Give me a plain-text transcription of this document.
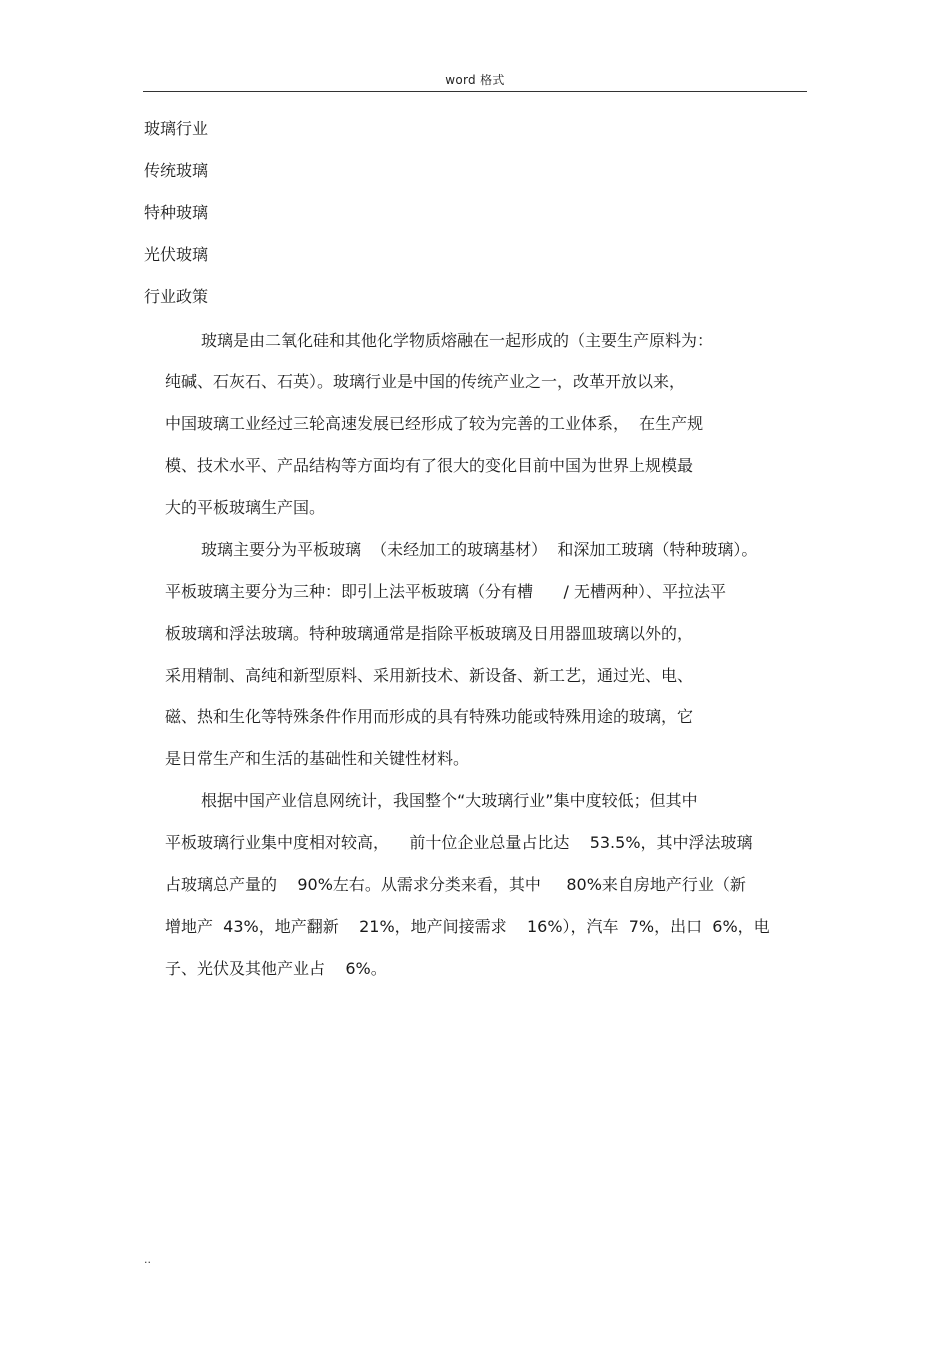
word 格式
玻璃行业
传统玻璃
特种玻璃
光伏玻璃
行业政策
玻璃是由二氧化硅和其他化学物质熔融在一起形成的（主要生产原料为：
纯碱、石灰石、石英）。玻璃行业是中国的传统产业之一，改革开放以来，
中国玻璃工业经过三轮高速发展已经形成了较为完善的工业体系，  在生产规
模、技术水平、产品结构等方面均有了很大的变化目前中国为世界上规模最
大的平板玻璃生产国。
玻璃主要分为平板玻璃  （未经加工的玻璃基材）  和深加工玻璃（特种玻璃）。
平板玻璃主要分为三种：即引上法平板玻璃（分有槽      / 无槽两种）、平拉法平
板玻璃和浮法玻璃。特种玻璃通常是指除平板玻璃及日用器皿玻璃以外的，
采用精制、高纯和新型原料、采用新技术、新设备、新工艺，通过光、电、
磁、热和生化等特殊条件作用而形成的具有特殊功能或特殊用途的玻璃，它
是日常生产和生活的基础性和关键性材料。
根据中国产业信息网统计，我国整个“大玻璃行业”集中度较低；但其中
平板玻璃行业集中度相对较高，    前十位企业总量占比达    53.5%，其中浮法玻璃
占玻璃总产量的    90%左右。从需求分类来看，其中     80%来自房地产行业（新
增地产  43%，地产翻新    21%，地产间接需求    16%），汽车  7%，出口  6%，电
子、光伏及其他产业占    6%。
..
